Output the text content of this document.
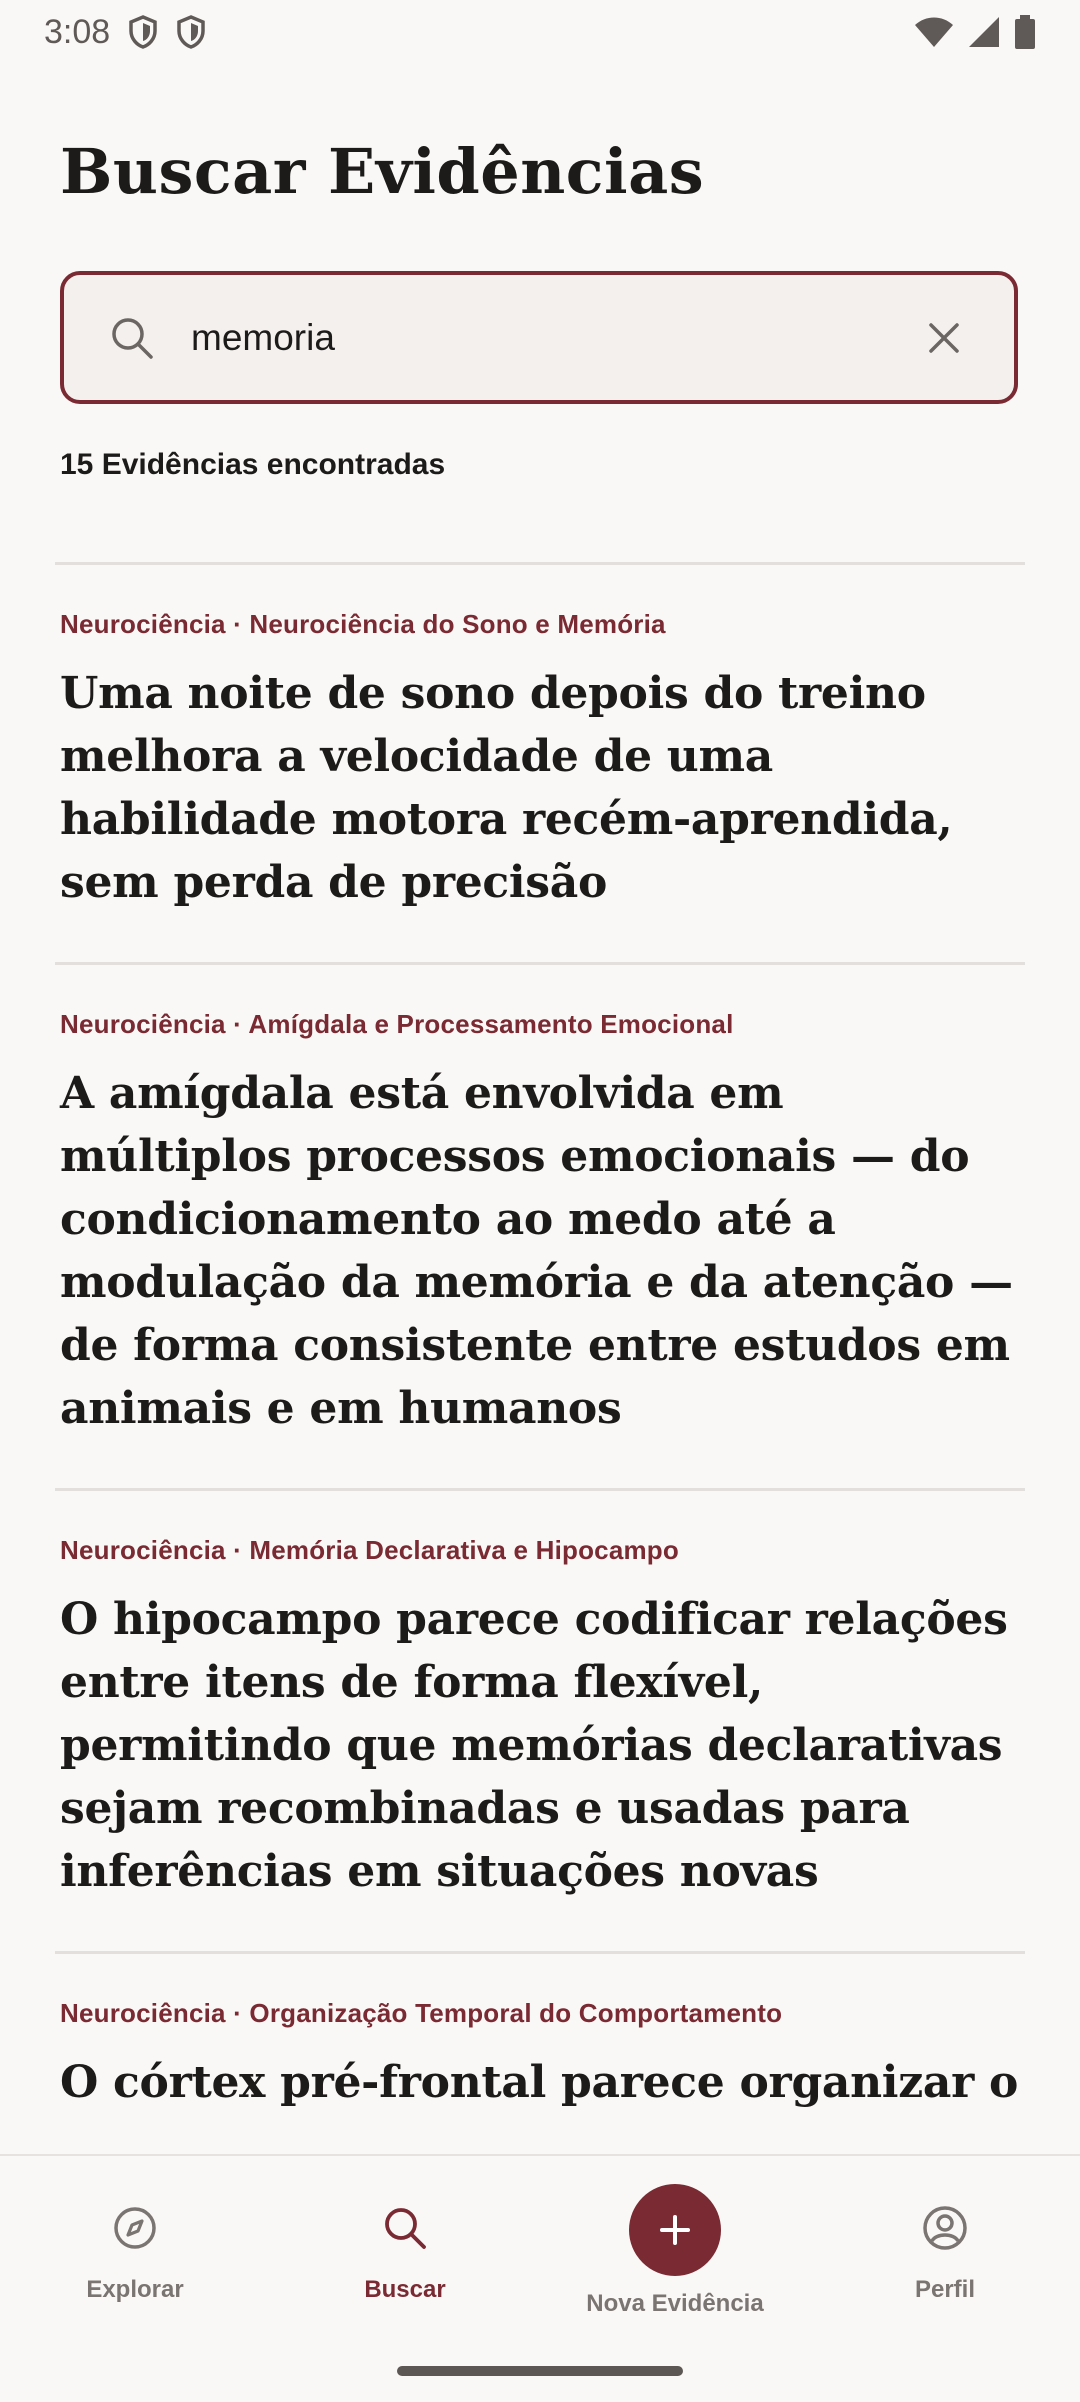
3:08
Buscar Evidências
memoria
15 Evidências encontradas
Neurociência · Neurociência do Sono e Memória
Uma noite de sono depois do treino melhora a velocidade de uma habilidade motora recém-aprendida, sem perda de precisão
Neurociência · Amígdala e Processamento Emocional
A amígdala está envolvida em múltiplos processos emocionais — do condicionamento ao medo até a modulação da memória e da atenção — de forma consistente entre estudos em animais e em humanos
Neurociência · Memória Declarativa e Hipocampo
O hipocampo parece codificar relações entre itens de forma flexível, permitindo que memórias declarativas sejam recombinadas e usadas para inferências em situações novas
Neurociência · Organização Temporal do Comportamento
O córtex pré-frontal parece organizar o
Explorar	Buscar
Nova Evidência
Perfil
